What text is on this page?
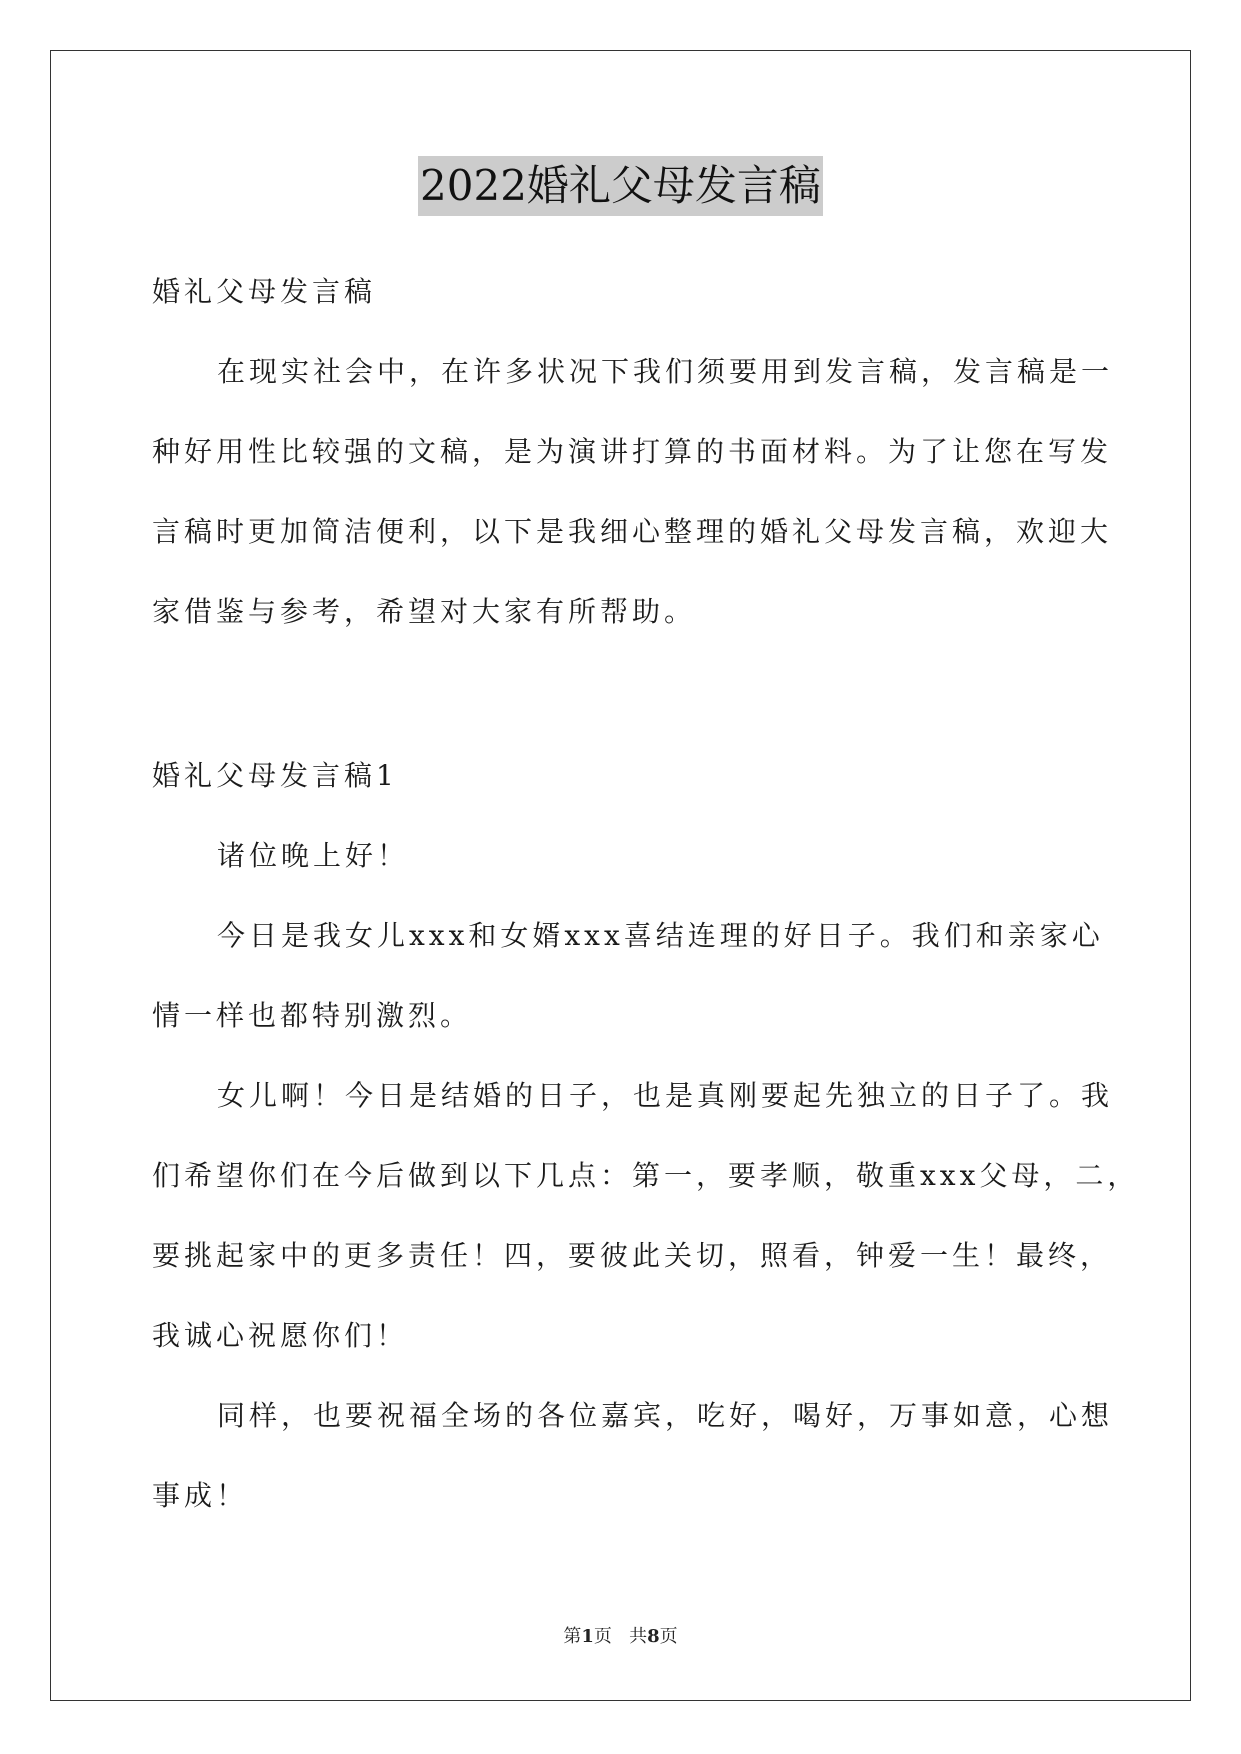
2022婚礼父母发言稿
婚礼父母发言稿
在现实社会中，在许多状况下我们须要用到发言稿，发言稿是一
种好用性比较强的文稿，是为演讲打算的书面材料。为了让您在写发
言稿时更加简洁便利，以下是我细心整理的婚礼父母发言稿，欢迎大
家借鉴与参考，希望对大家有所帮助。
婚礼父母发言稿1
诸位晚上好！
今日是我女儿xxx和女婿xxx喜结连理的好日子。我们和亲家心
情一样也都特别激烈。
女儿啊！今日是结婚的日子，也是真刚要起先独立的日子了。我
们希望你们在今后做到以下几点：第一，要孝顺，敬重xxx父母，二，
要挑起家中的更多责任！四，要彼此关切，照看，钟爱一生！最终，
我诚心祝愿你们！
同样，也要祝福全场的各位嘉宾，吃好，喝好，万事如意，心想
事成！
第1页 共8页
